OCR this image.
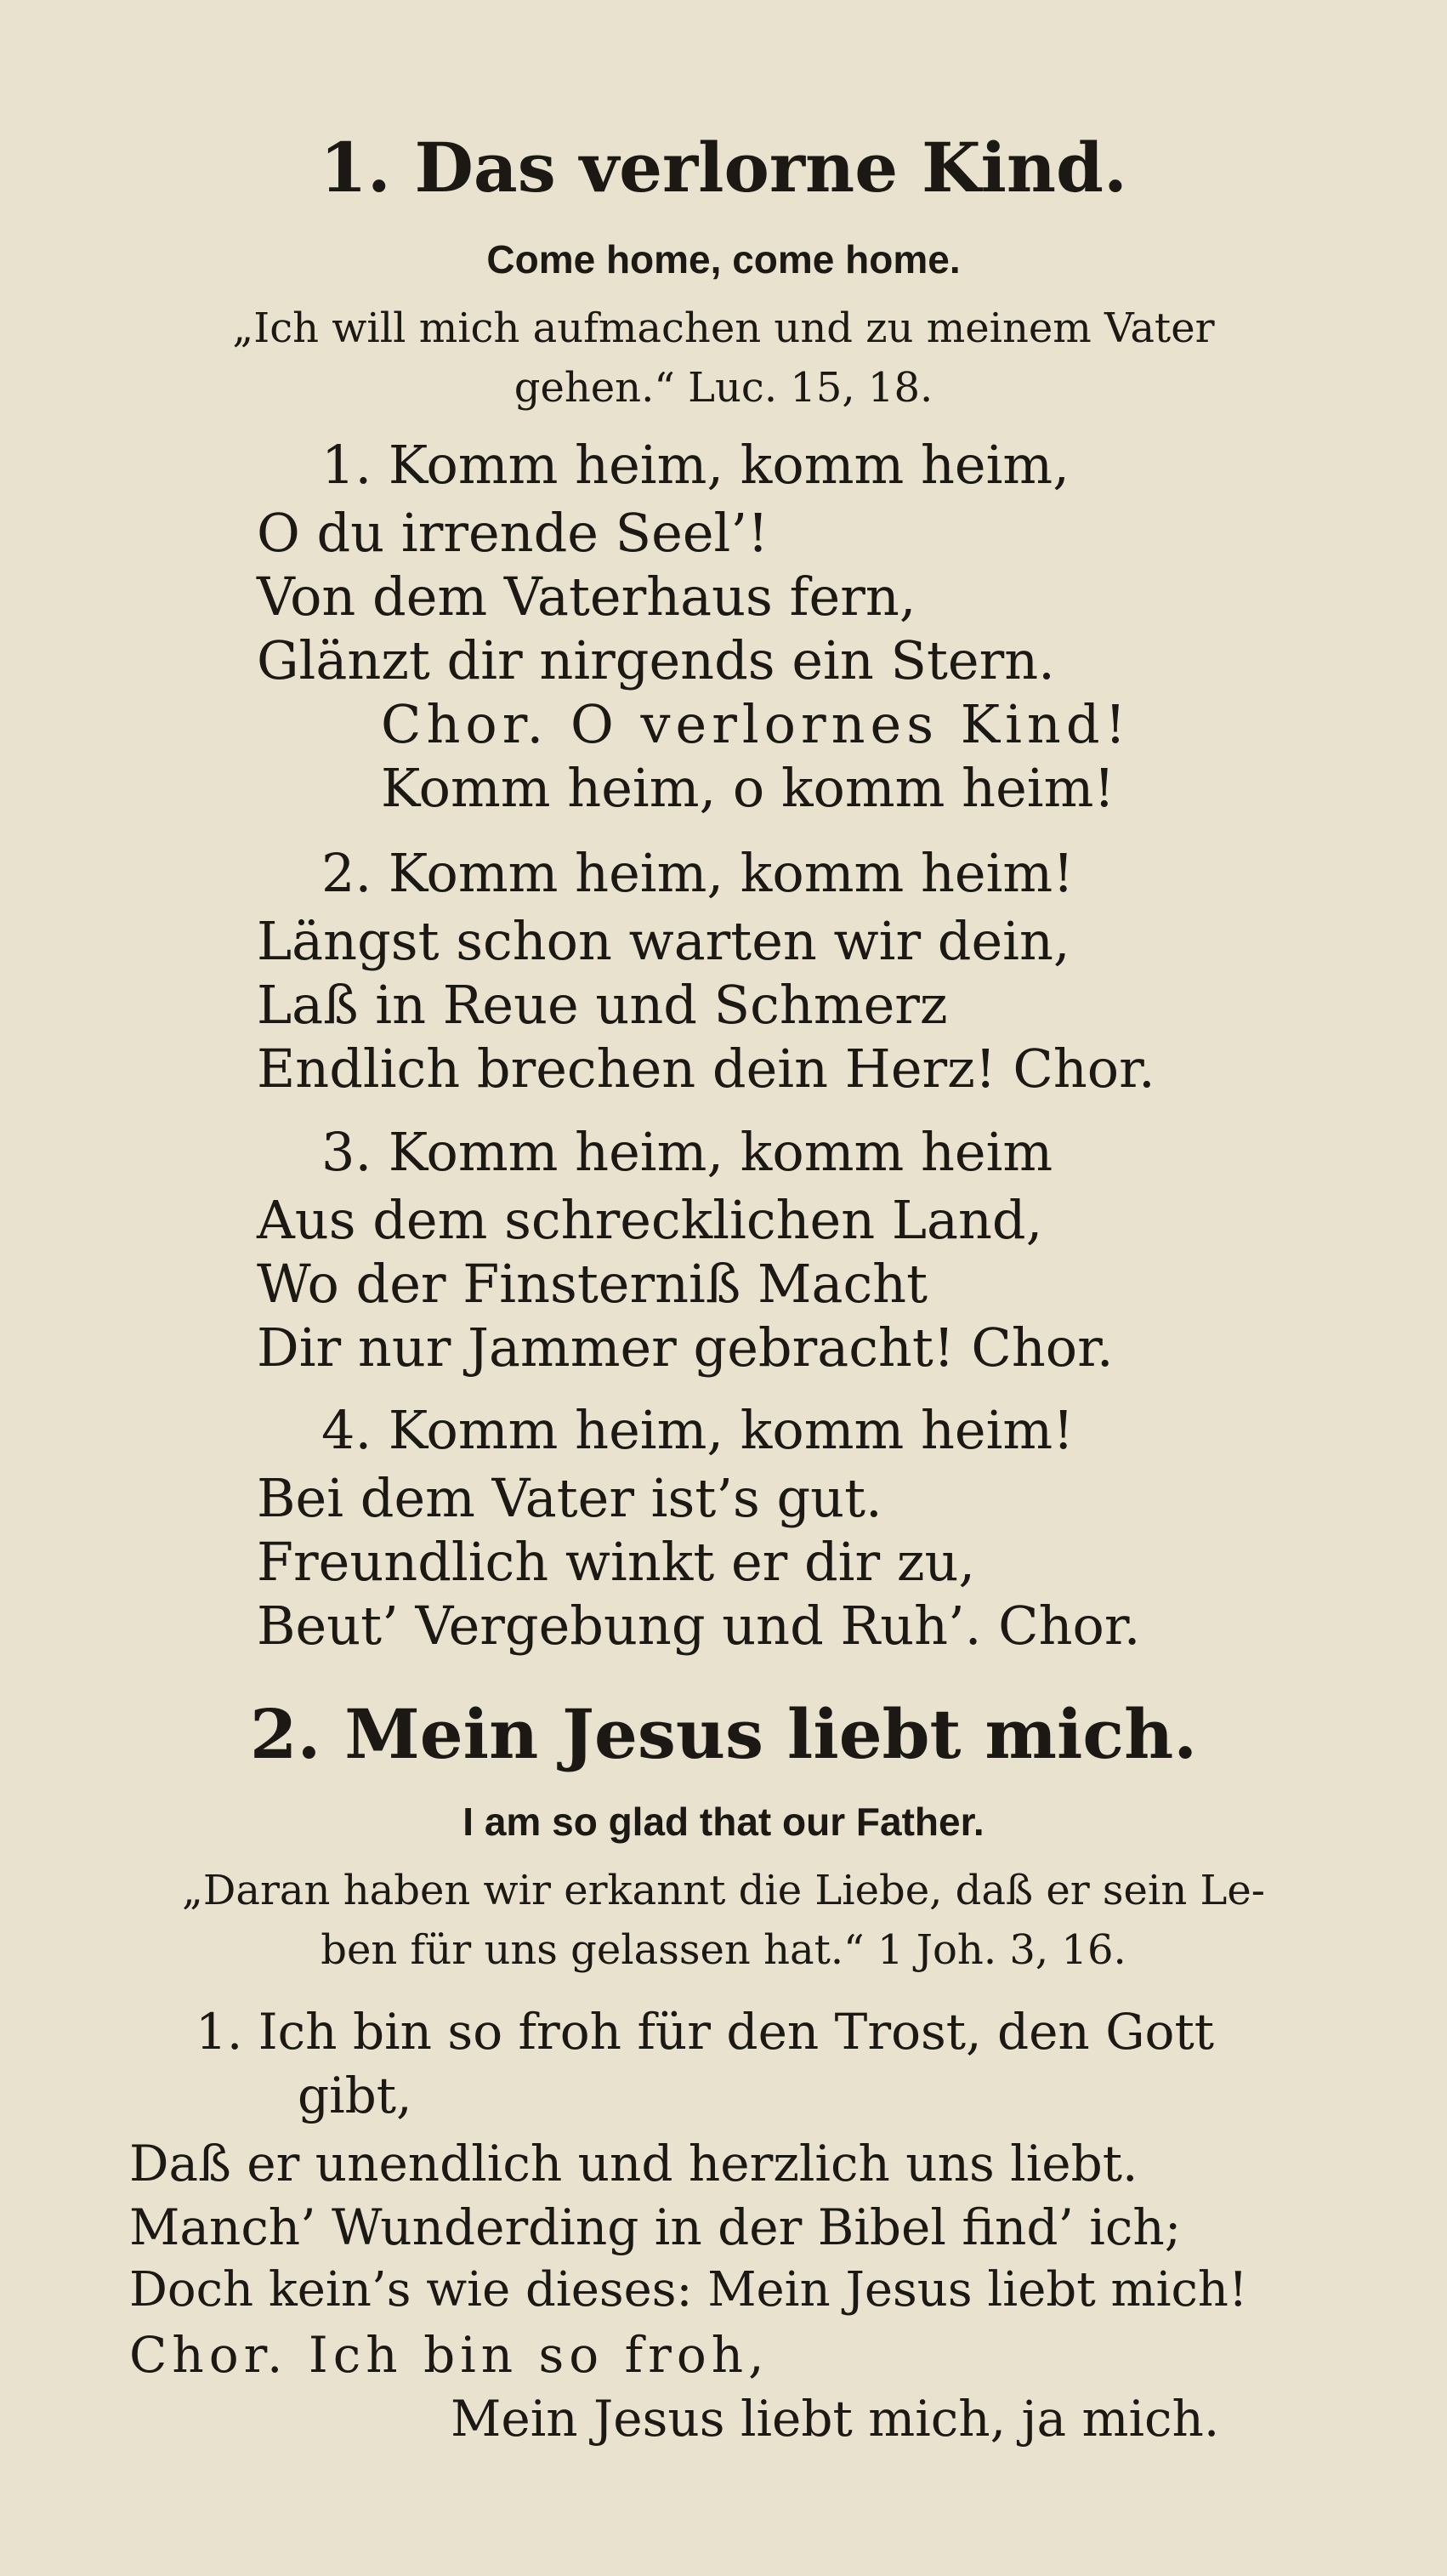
1. Das verlorne Kind.
Come home, come home.
„Ich will mich aufmachen und zu meinem Vater
gehen.“ Luc. 15, 18.
1. Komm heim, komm heim,
O du irrende Seel’!
Von dem Vaterhaus fern,
Glänzt dir nirgends ein Stern.
Chor. O verlornes Kind!
Komm heim, o komm heim!
2. Komm heim, komm heim!
Längst schon warten wir dein,
Laß in Reue und Schmerz
Endlich brechen dein Herz! Chor.
3. Komm heim, komm heim
Aus dem schrecklichen Land,
Wo der Finsterniß Macht
Dir nur Jammer gebracht! Chor.
4. Komm heim, komm heim!
Bei dem Vater ist’s gut.
Freundlich winkt er dir zu,
Beut’ Vergebung und Ruh’. Chor.
2. Mein Jesus liebt mich.
I am so glad that our Father.
„Daran haben wir erkannt die Liebe, daß er sein Le-
ben für uns gelassen hat.“ 1 Joh. 3, 16.
1. Ich bin so froh für den Trost, den Gott
gibt,
Daß er unendlich und herzlich uns liebt.
Manch’ Wunderding in der Bibel find’ ich;
Doch kein’s wie dieses: Mein Jesus liebt mich!
Chor. Ich bin so froh,
Mein Jesus liebt mich, ja mich.
